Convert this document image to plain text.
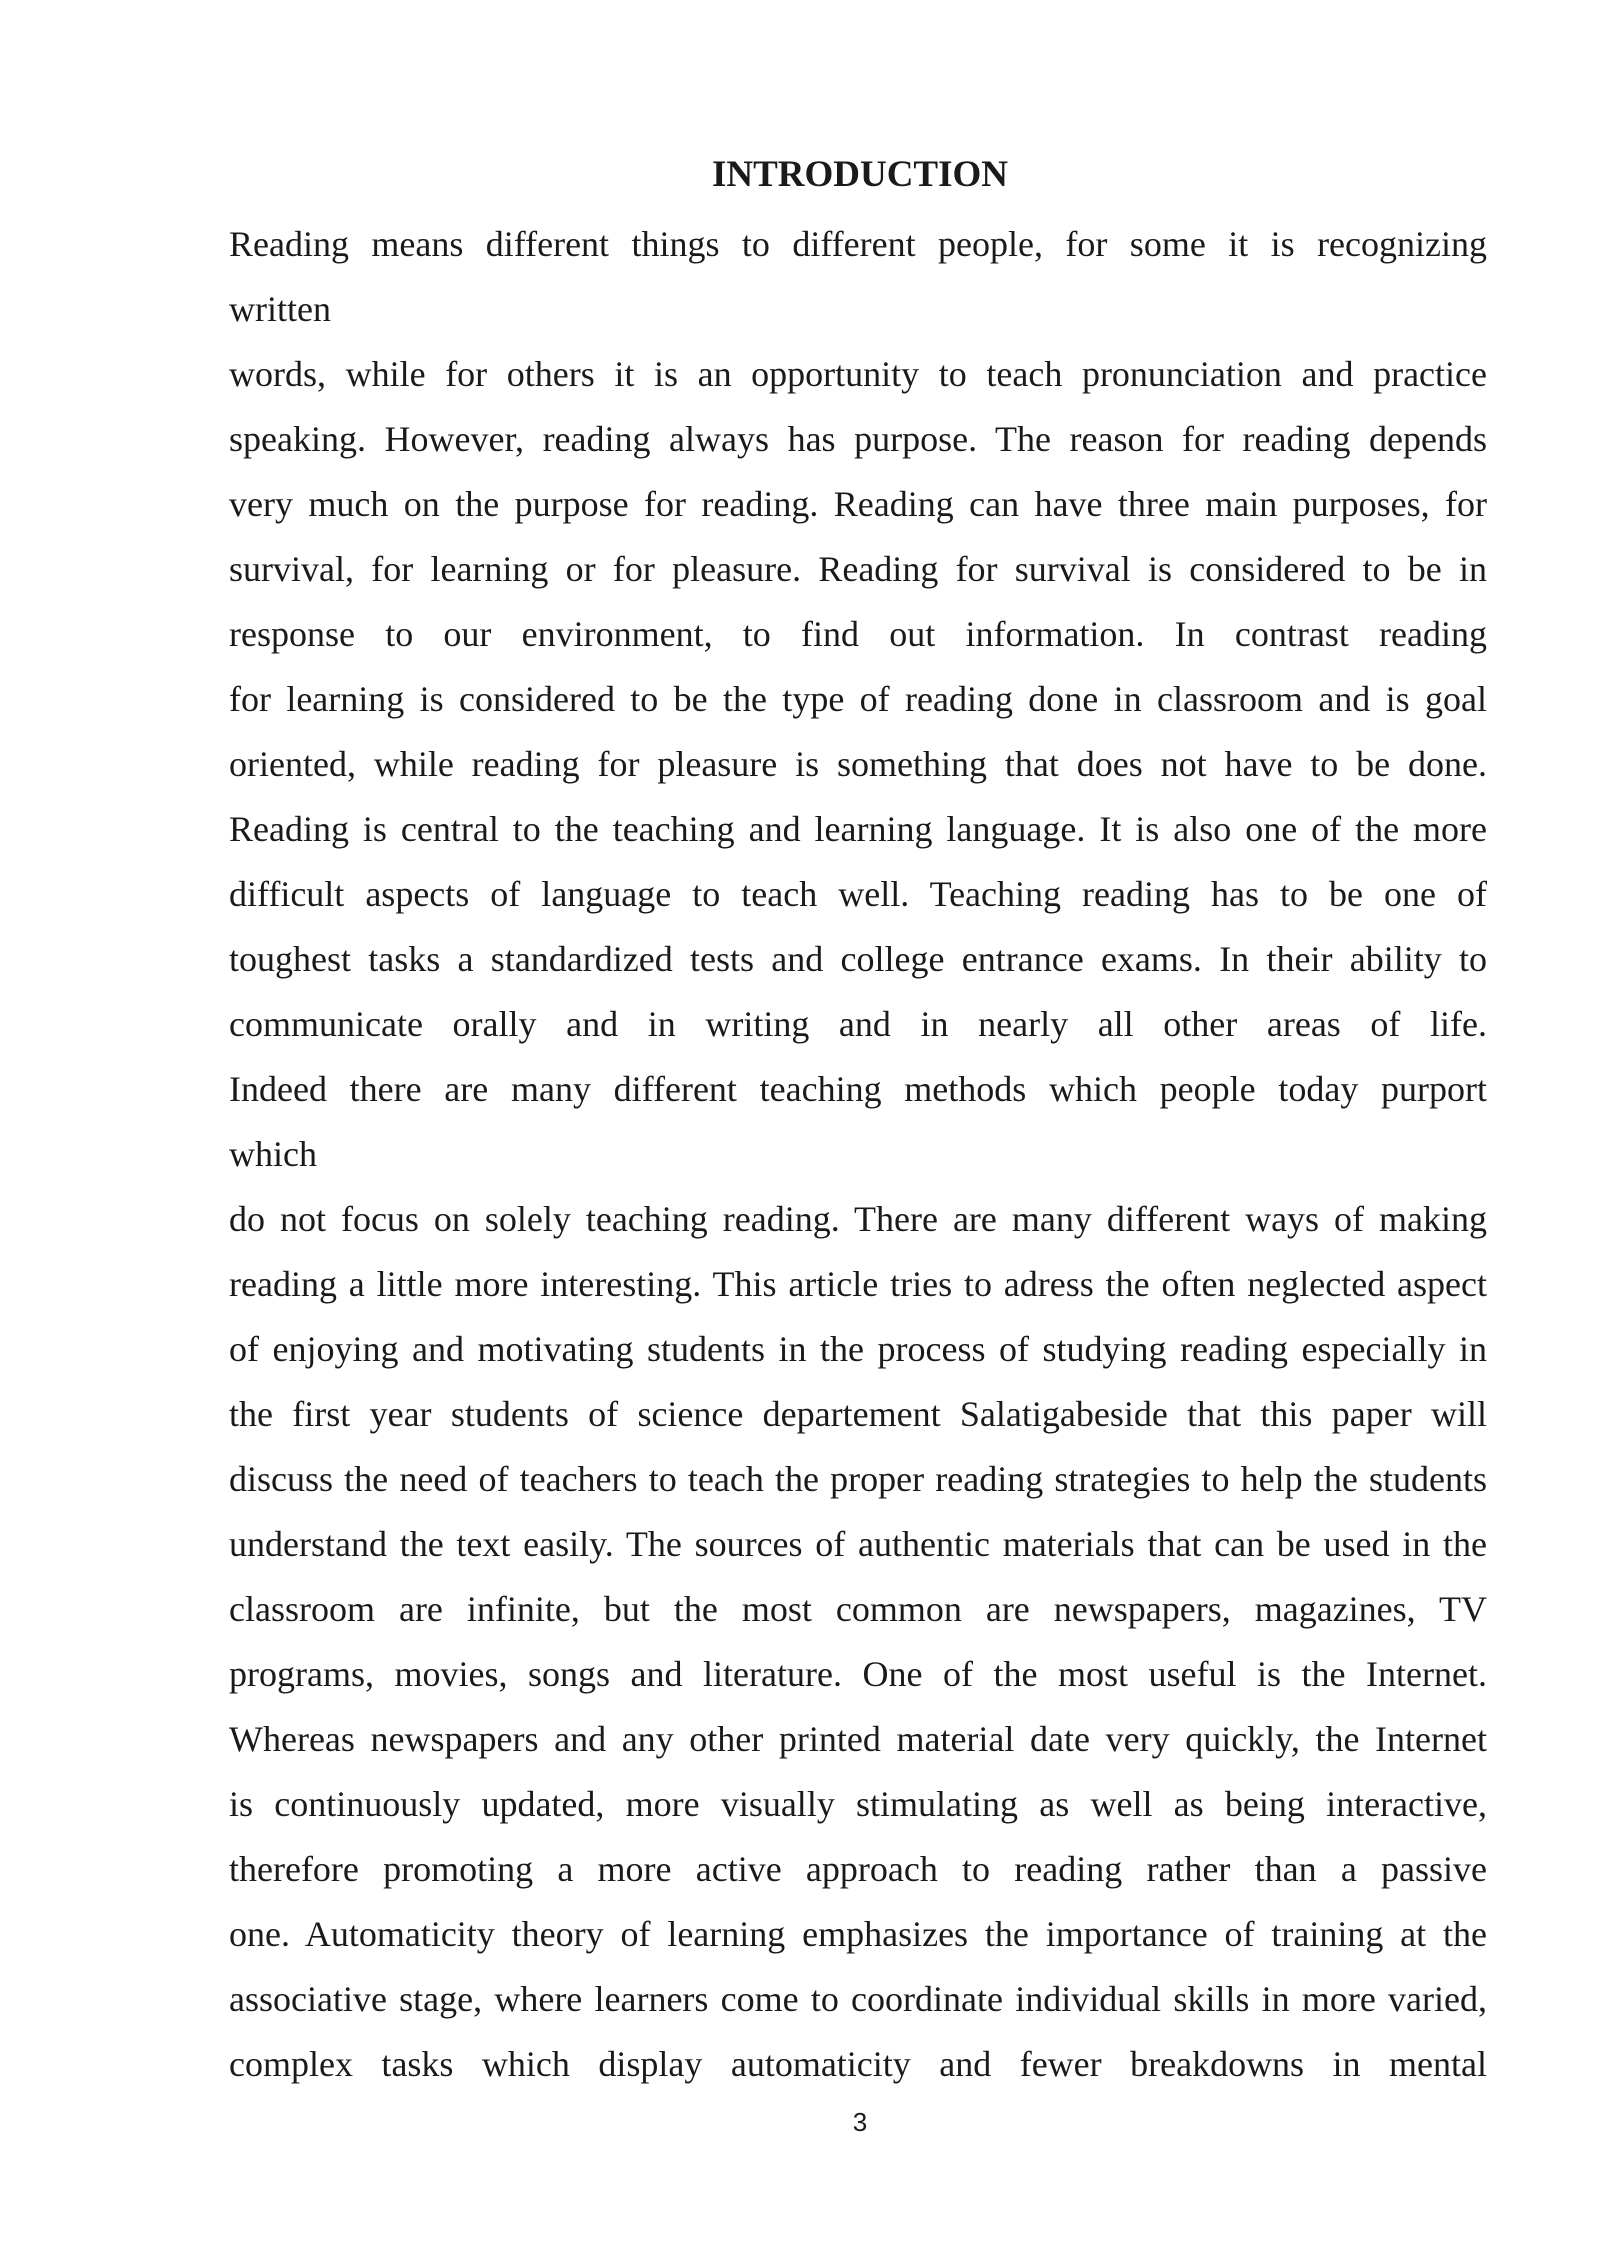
INTRODUCTION
Reading means different things to different people, for some it is recognizing
written
words, while for others it is an opportunity to teach pronunciation and practice
speaking. However, reading always has purpose. The reason for reading depends
very much on the purpose for reading. Reading can have three main purposes, for
survival, for learning or for pleasure. Reading for survival is considered to be in
response to our environment, to find out information. In contrast reading
for learning is considered to be the type of reading done in classroom and is goal
oriented, while reading for pleasure is something that does not have to be done.
Reading is central to the teaching and learning language. It is also one of the more
difficult aspects of language to teach well. Teaching reading has to be one of
toughest tasks a standardized tests and college entrance exams. In their ability to
communicate orally and in writing and in nearly all other areas of life.
Indeed there are many different teaching methods which people today purport
which
do not focus on solely teaching reading. There are many different ways of making
reading a little more interesting. This article tries to adress the often neglected aspect
of enjoying and motivating students in the process of studying reading especially in
the first year students of science departement Salatigabeside that this paper will
discuss the need of teachers to teach the proper reading strategies to help the students
understand the text easily. The sources of authentic materials that can be used in the
classroom are infinite, but the most common are newspapers, magazines, TV
programs, movies, songs and literature. One of the most useful is the Internet.
Whereas newspapers and any other printed material date very quickly, the Internet
is continuously updated, more visually stimulating as well as being interactive,
therefore promoting a more active approach to reading rather than a passive
one. Automaticity theory of learning emphasizes the importance of training at the
associative stage, where learners come to coordinate individual skills in more varied,
complex tasks which display automaticity and fewer breakdowns in mental
3
